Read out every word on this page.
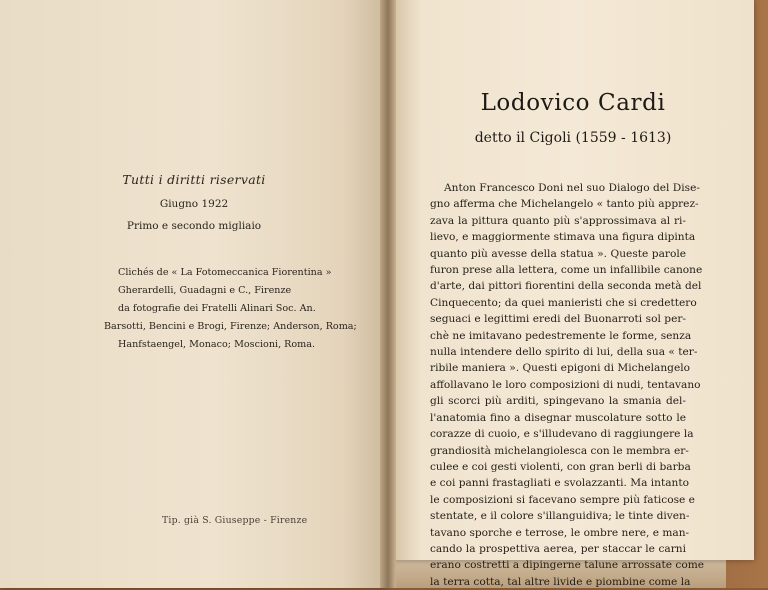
Tutti i diritti riservati
Giugno 1922
Primo e secondo migliaio
Clichés de « La Fotomeccanica Fiorentina »
Gherardelli, Guadagni e C., Firenze
da fotografie dei Fratelli Alinari Soc. An.
Barsotti, Bencini e Brogi, Firenze; Anderson, Roma;
Hanfstaengel, Monaco; Moscioni, Roma.
Tip. già S. Giuseppe - Firenze
Lodovico Cardi
detto il Cigoli (1559 - 1613)
Anton Francesco Doni nel suo Dialogo del Dise-
gno afferma che Michelangelo « tanto più apprez-
zava la pittura quanto più s'approssimava al ri-
lievo, e maggiormente stimava una figura dipinta
quanto più avesse della statua ». Queste parole
furon prese alla lettera, come un infallibile canone
d'arte, dai pittori fiorentini della seconda metà del
Cinquecento; da quei manieristi che si credettero
seguaci e legittimi eredi del Buonarroti sol per-
chè ne imitavano pedestremente le forme, senza
nulla intendere dello spirito di lui, della sua « ter-
ribile maniera ». Questi epigoni di Michelangelo
affollavano le loro composizioni di nudi, tentavano
gli scorci più arditi, spingevano la smania del-
l'anatomia fino a disegnar muscolature sotto le
corazze di cuoio, e s'illudevano di raggiungere la
grandiosità michelangiolesca con le membra er-
culee e coi gesti violenti, con gran berli di barba
e coi panni frastagliati e svolazzanti. Ma intanto
le composizioni si facevano sempre più faticose e
stentate, e il colore s'illanguidiva; le tinte diven-
tavano sporche e terrose, le ombre nere, e man-
cando la prospettiva aerea, per staccar le carni
erano costretti a dipingerne talune arrossate come
la terra cotta, tal altre livide e piombine come la
